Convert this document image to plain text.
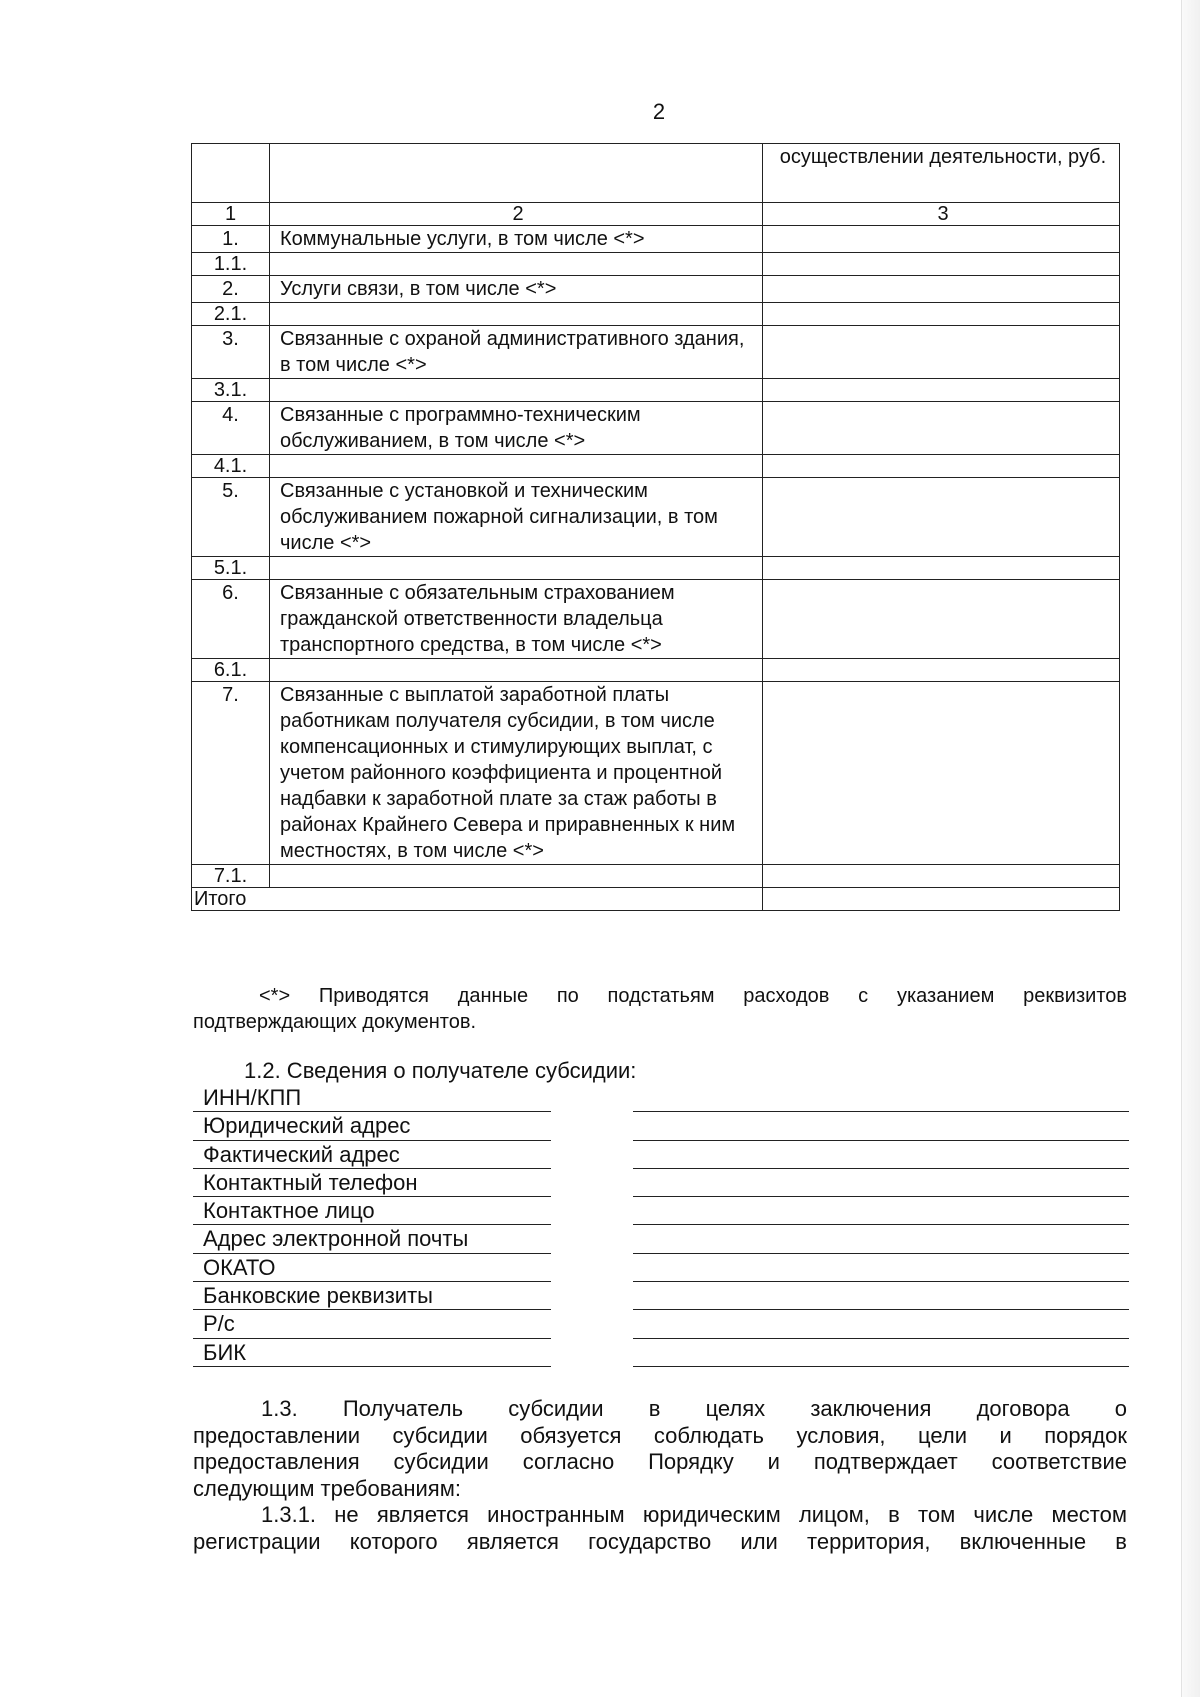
2
		осуществлении деятельности, руб.
1	2	3
1.	Коммунальные услуги, в том числе <*>	
1.1.		
2.	Услуги связи, в том числе <*>	
2.1.		
3.	Связанные с охраной административного здания, в том числе <*>	
3.1.		
4.	Связанные с программно-техническим обслуживанием, в том числе <*>	
4.1.		
5.	Связанные с установкой и техническим обслуживанием пожарной сигнализации, в том числе <*>	
5.1.		
6.	Связанные с обязательным страхованием гражданской ответственности владельца транспортного средства, в том числе <*>	
6.1.		
7.	Связанные с выплатой заработной платы работникам получателя субсидии, в том числе компенсационных и стимулирующих выплат, с учетом районного коэффициента и процентной надбавки к заработной плате за стаж работы в районах Крайнего Севера и приравненных к ним местностях, в том числе <*>	
7.1.		
Итого		
<*> Приводятся данные по подстатьям расходов с указанием реквизитов
подтверждающих документов.
1.2. Сведения о получателе субсидии:
ИНН/КПП
Юридический адрес
Фактический адрес
Контактный телефон
Контактное лицо
Адрес электронной почты
ОКАТО
Банковские реквизиты
Р/с
БИК
1.3. Получатель субсидии в целях заключения договора о
предоставлении субсидии обязуется соблюдать условия, цели и порядок
предоставления субсидии согласно Порядку и подтверждает соответствие
следующим требованиям:
1.3.1. не является иностранным юридическим лицом, в том числе местом
регистрации которого является государство или территория, включенные в
